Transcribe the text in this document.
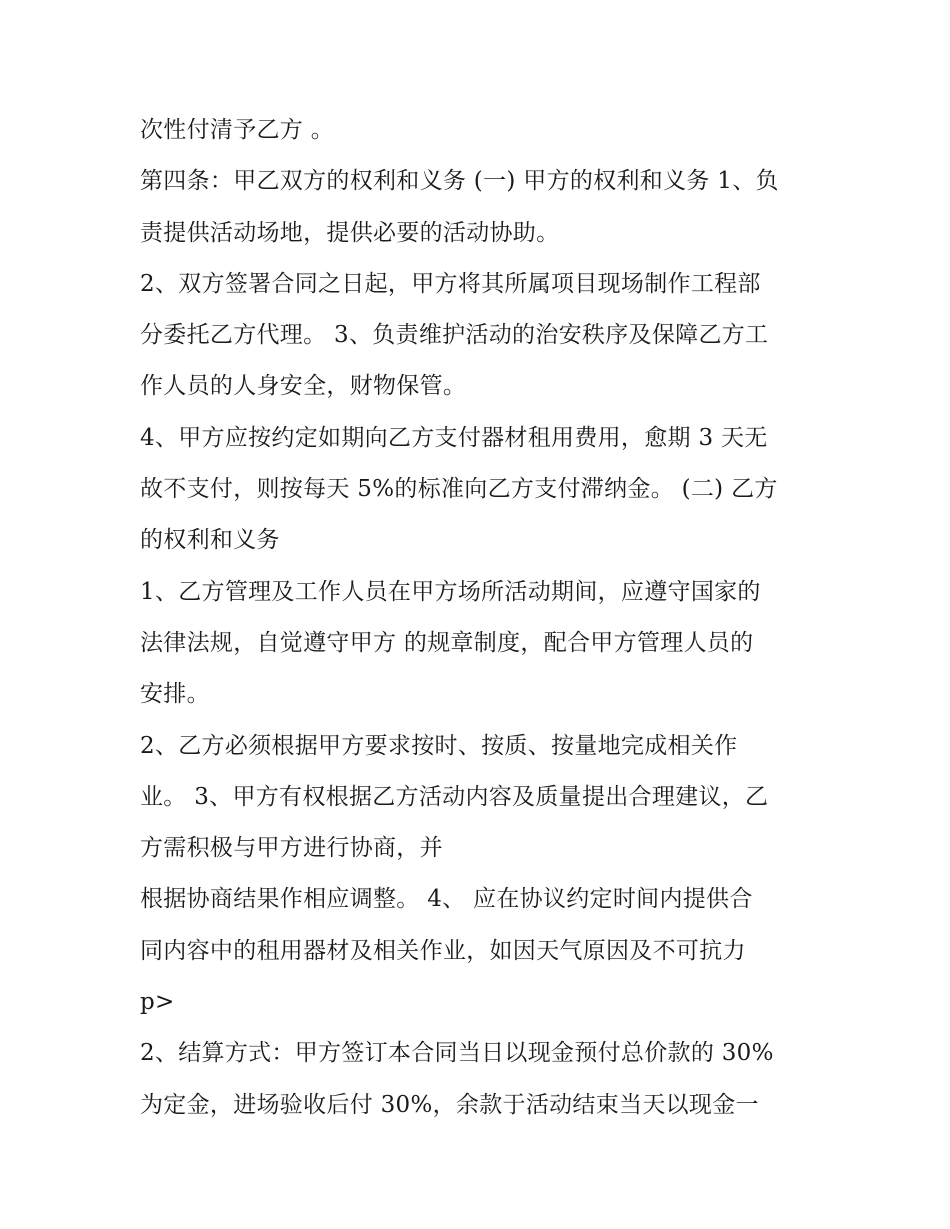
次性付清予乙方 。
第四条：甲乙双方的权利和义务 (一) 甲方的权利和义务 1、负
责提供活动场地，提供必要的活动协助。
2、双方签署合同之日起，甲方将其所属项目现场制作工程部
分委托乙方代理。 3、负责维护活动的治安秩序及保障乙方工
作人员的人身安全，财物保管。
4、甲方应按约定如期向乙方支付器材租用费用，愈期 3 天无
故不支付，则按每天 5%的标准向乙方支付滞纳金。 (二) 乙方
的权利和义务
1、乙方管理及工作人员在甲方场所活动期间，应遵守国家的
法律法规，自觉遵守甲方 的规章制度，配合甲方管理人员的
安排。
2、乙方必须根据甲方要求按时、按质、按量地完成相关作
业。 3、甲方有权根据乙方活动内容及质量提出合理建议，乙
方需积极与甲方进行协商，并
根据协商结果作相应调整。 4、 应在协议约定时间内提供合
同内容中的租用器材及相关作业，如因天气原因及不可抗力
p>
2、结算方式：甲方签订本合同当日以现金预付总价款的 30%
为定金，进场验收后付 30%，余款于活动结束当天以现金一
